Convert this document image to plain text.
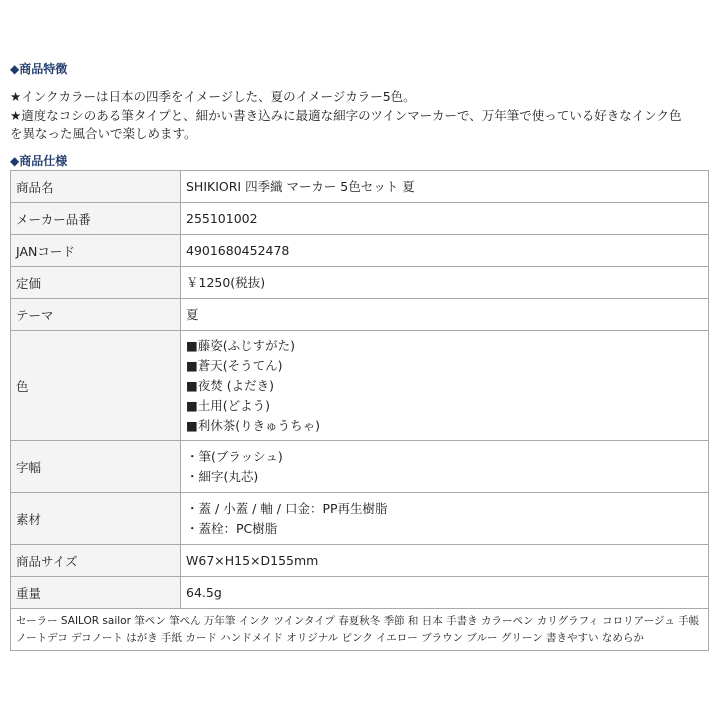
◆商品特徴
★インクカラーは日本の四季をイメージした、夏のイメージカラー5色。
★適度なコシのある筆タイプと、細かい書き込みに最適な細字のツインマーカーで、万年筆で使っている好きなインク色
を異なった風合いで楽しめます。
◆商品仕様
商品名	SHIKIORI 四季織 マーカー 5色セット 夏

メーカー品番	255101002

JANコード	4901680452478

定価	￥1250(税抜)

テーマ	夏

色	■藤姿(ふじすがた)
■蒼天(そうてん)
■夜焚 (よだき)
■土用(どよう)
■利休茶(りきゅうちゃ)

字幅	・筆(ブラッシュ)
・細字(丸芯)

素材	・蓋 / 小蓋 / 軸 / 口金：PP再生樹脂
・蓋栓：PC樹脂

商品サイズ	W67×H15×D155mm

重量	64.5g

セーラー SAILOR sailor 筆ペン 筆ぺん 万年筆 インク ツインタイプ 春夏秋冬 季節 和 日本 手書き カラーペン カリグラフィ コロリアージュ 手帳 ノートデコ デコノート はがき 手紙 カード ハンドメイド オリジナル ピンク イエロー ブラウン ブルー グリーン 書きやすい なめらか	
